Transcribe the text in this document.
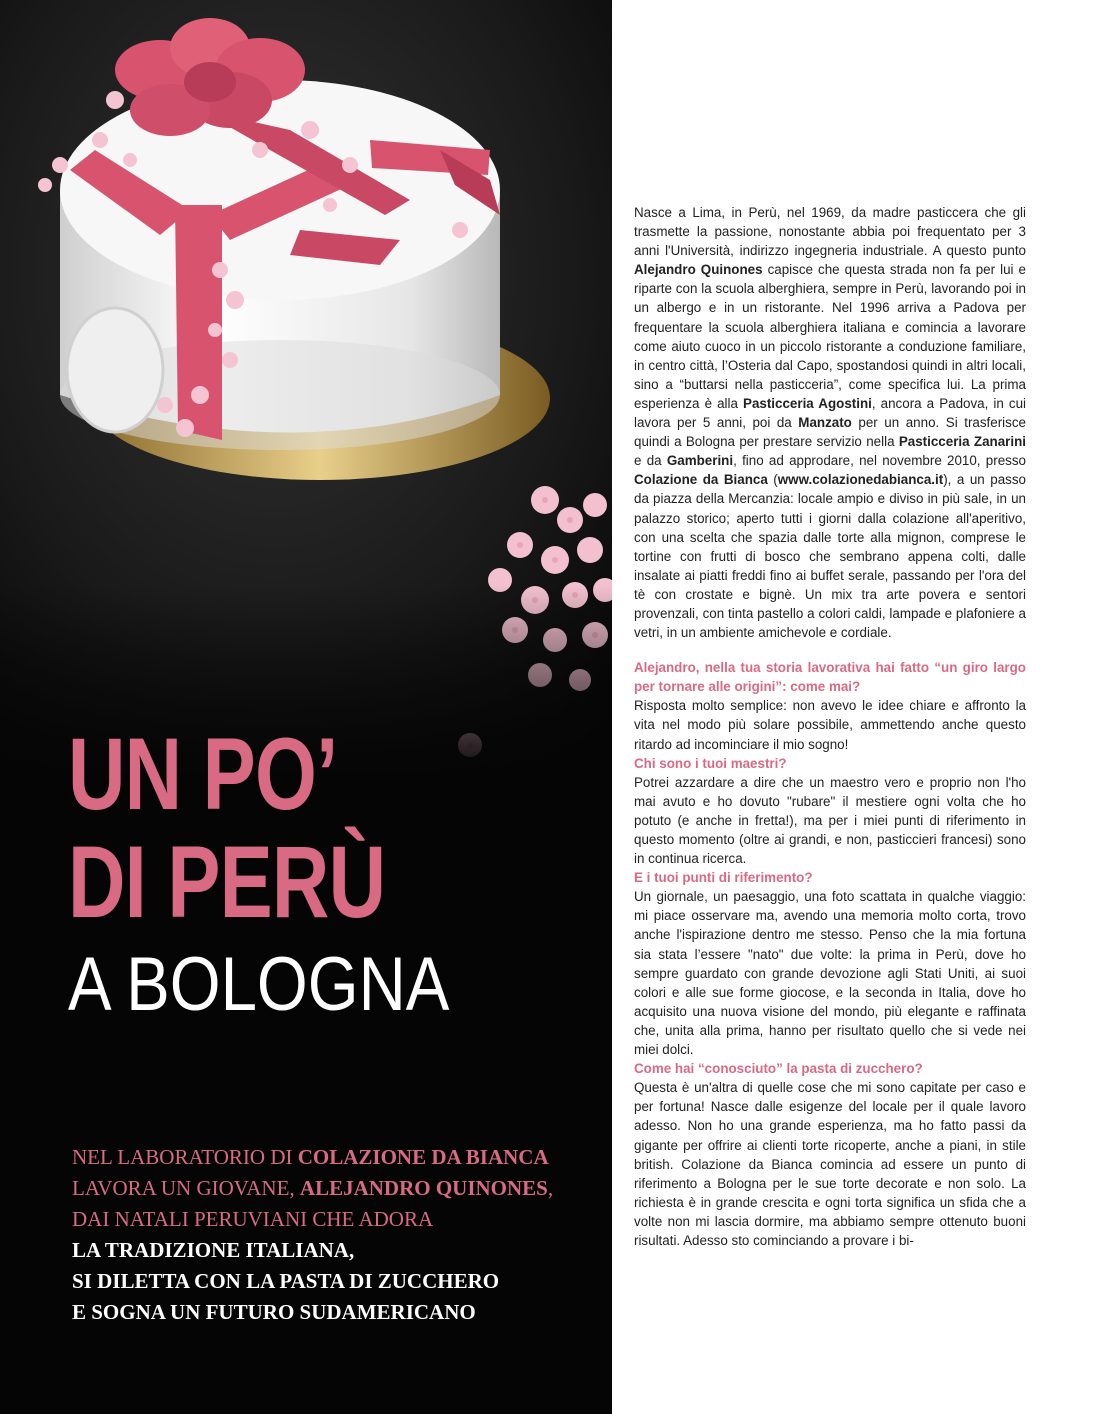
UN PO’
DI PERÙ
A BOLOGNA
NEL LABORATORIO DI COLAZIONE DA BIANCA
LAVORA UN GIOVANE, ALEJANDRO QUINONES,
DAI NATALI PERUVIANI CHE ADORA
LA TRADIZIONE ITALIANA,
SI DILETTA CON LA PASTA DI ZUCCHERO
E SOGNA UN FUTURO SUDAMERICANO

Nasce a Lima, in Perù, nel 1969, da madre pasticcera che gli trasmette la passione, nonostante abbia poi frequentato per 3 anni l'Università, indirizzo ingegneria industriale. A questo punto Alejandro Quinones capisce che questa strada non fa per lui e riparte con la scuola alberghiera, sempre in Perù, lavorando poi in un albergo e in un ristorante. Nel 1996 arriva a Padova per frequentare la scuola alberghiera italiana e comincia a lavorare come aiuto cuoco in un piccolo ristorante a conduzione familiare, in centro città, l’Osteria dal Capo, spostandosi quindi in altri locali, sino a “buttarsi nella pasticceria”, come specifica lui. La prima esperienza è alla Pasticceria Agostini, ancora a Padova, in cui lavora per 5 anni, poi da Manzato per un anno. Si trasferisce quindi a Bologna per prestare servizio nella Pasticceria Zanarini e da Gamberini, fino ad approdare, nel novembre 2010, presso Colazione da Bianca (www.colazionedabianca.it), a un passo da piazza della Mercanzia: locale ampio e diviso in più sale, in un palazzo storico; aperto tutti i giorni dalla colazione all'aperitivo, con una scelta che spazia dalle torte alla mignon, comprese le tortine con frutti di bosco che sembrano appena colti, dalle insalate ai piatti freddi fino ai buffet serale, passando per l'ora del tè con crostate e bignè. Un mix tra arte povera e sentori provenzali, con tinta pastello a colori caldi, lampade e plafoniere a vetri, in un ambiente amichevole e cordiale.

Alejandro, nella tua storia lavorativa hai fatto “un giro largo per tornare alle origini”: come mai?

Risposta molto semplice: non avevo le idee chiare e affronto la vita nel modo più solare possibile, ammettendo anche questo ritardo ad incominciare il mio sogno!

Chi sono i tuoi maestri?

Potrei azzardare a dire che un maestro vero e proprio non l'ho mai avuto e ho dovuto "rubare" il mestiere ogni volta che ho potuto (e anche in fretta!), ma per i miei punti di riferimento in questo momento (oltre ai grandi, e non, pasticcieri francesi) sono in continua ricerca.

E i tuoi punti di riferimento?

Un giornale, un paesaggio, una foto scattata in qualche viaggio: mi piace osservare ma, avendo una memoria molto corta, trovo anche l'ispirazione dentro me stesso. Penso che la mia fortuna sia stata l’essere "nato" due volte: la prima in Perù, dove ho sempre guardato con grande devozione agli Stati Uniti, ai suoi colori e alle sue forme giocose, e la seconda in Italia, dove ho acquisito una nuova visione del mondo, più elegante e raffinata che, unita alla prima, hanno per risultato quello che si vede nei miei dolci.

Come hai “conosciuto” la pasta di zucchero?

Questa è un'altra di quelle cose che mi sono capitate per caso e per fortuna! Nasce dalle esigenze del locale per il quale lavoro adesso. Non ho una grande esperienza, ma ho fatto passi da gigante per offrire ai clienti torte ricoperte, anche a piani, in stile british. Colazione da Bianca comincia ad essere un punto di riferimento a Bologna per le sue torte decorate e non solo. La richiesta è in grande crescita e ogni torta significa un sfida che a volte non mi lascia dormire, ma abbiamo sempre ottenuto buoni risultati. Adesso sto cominciando a provare i bi-
